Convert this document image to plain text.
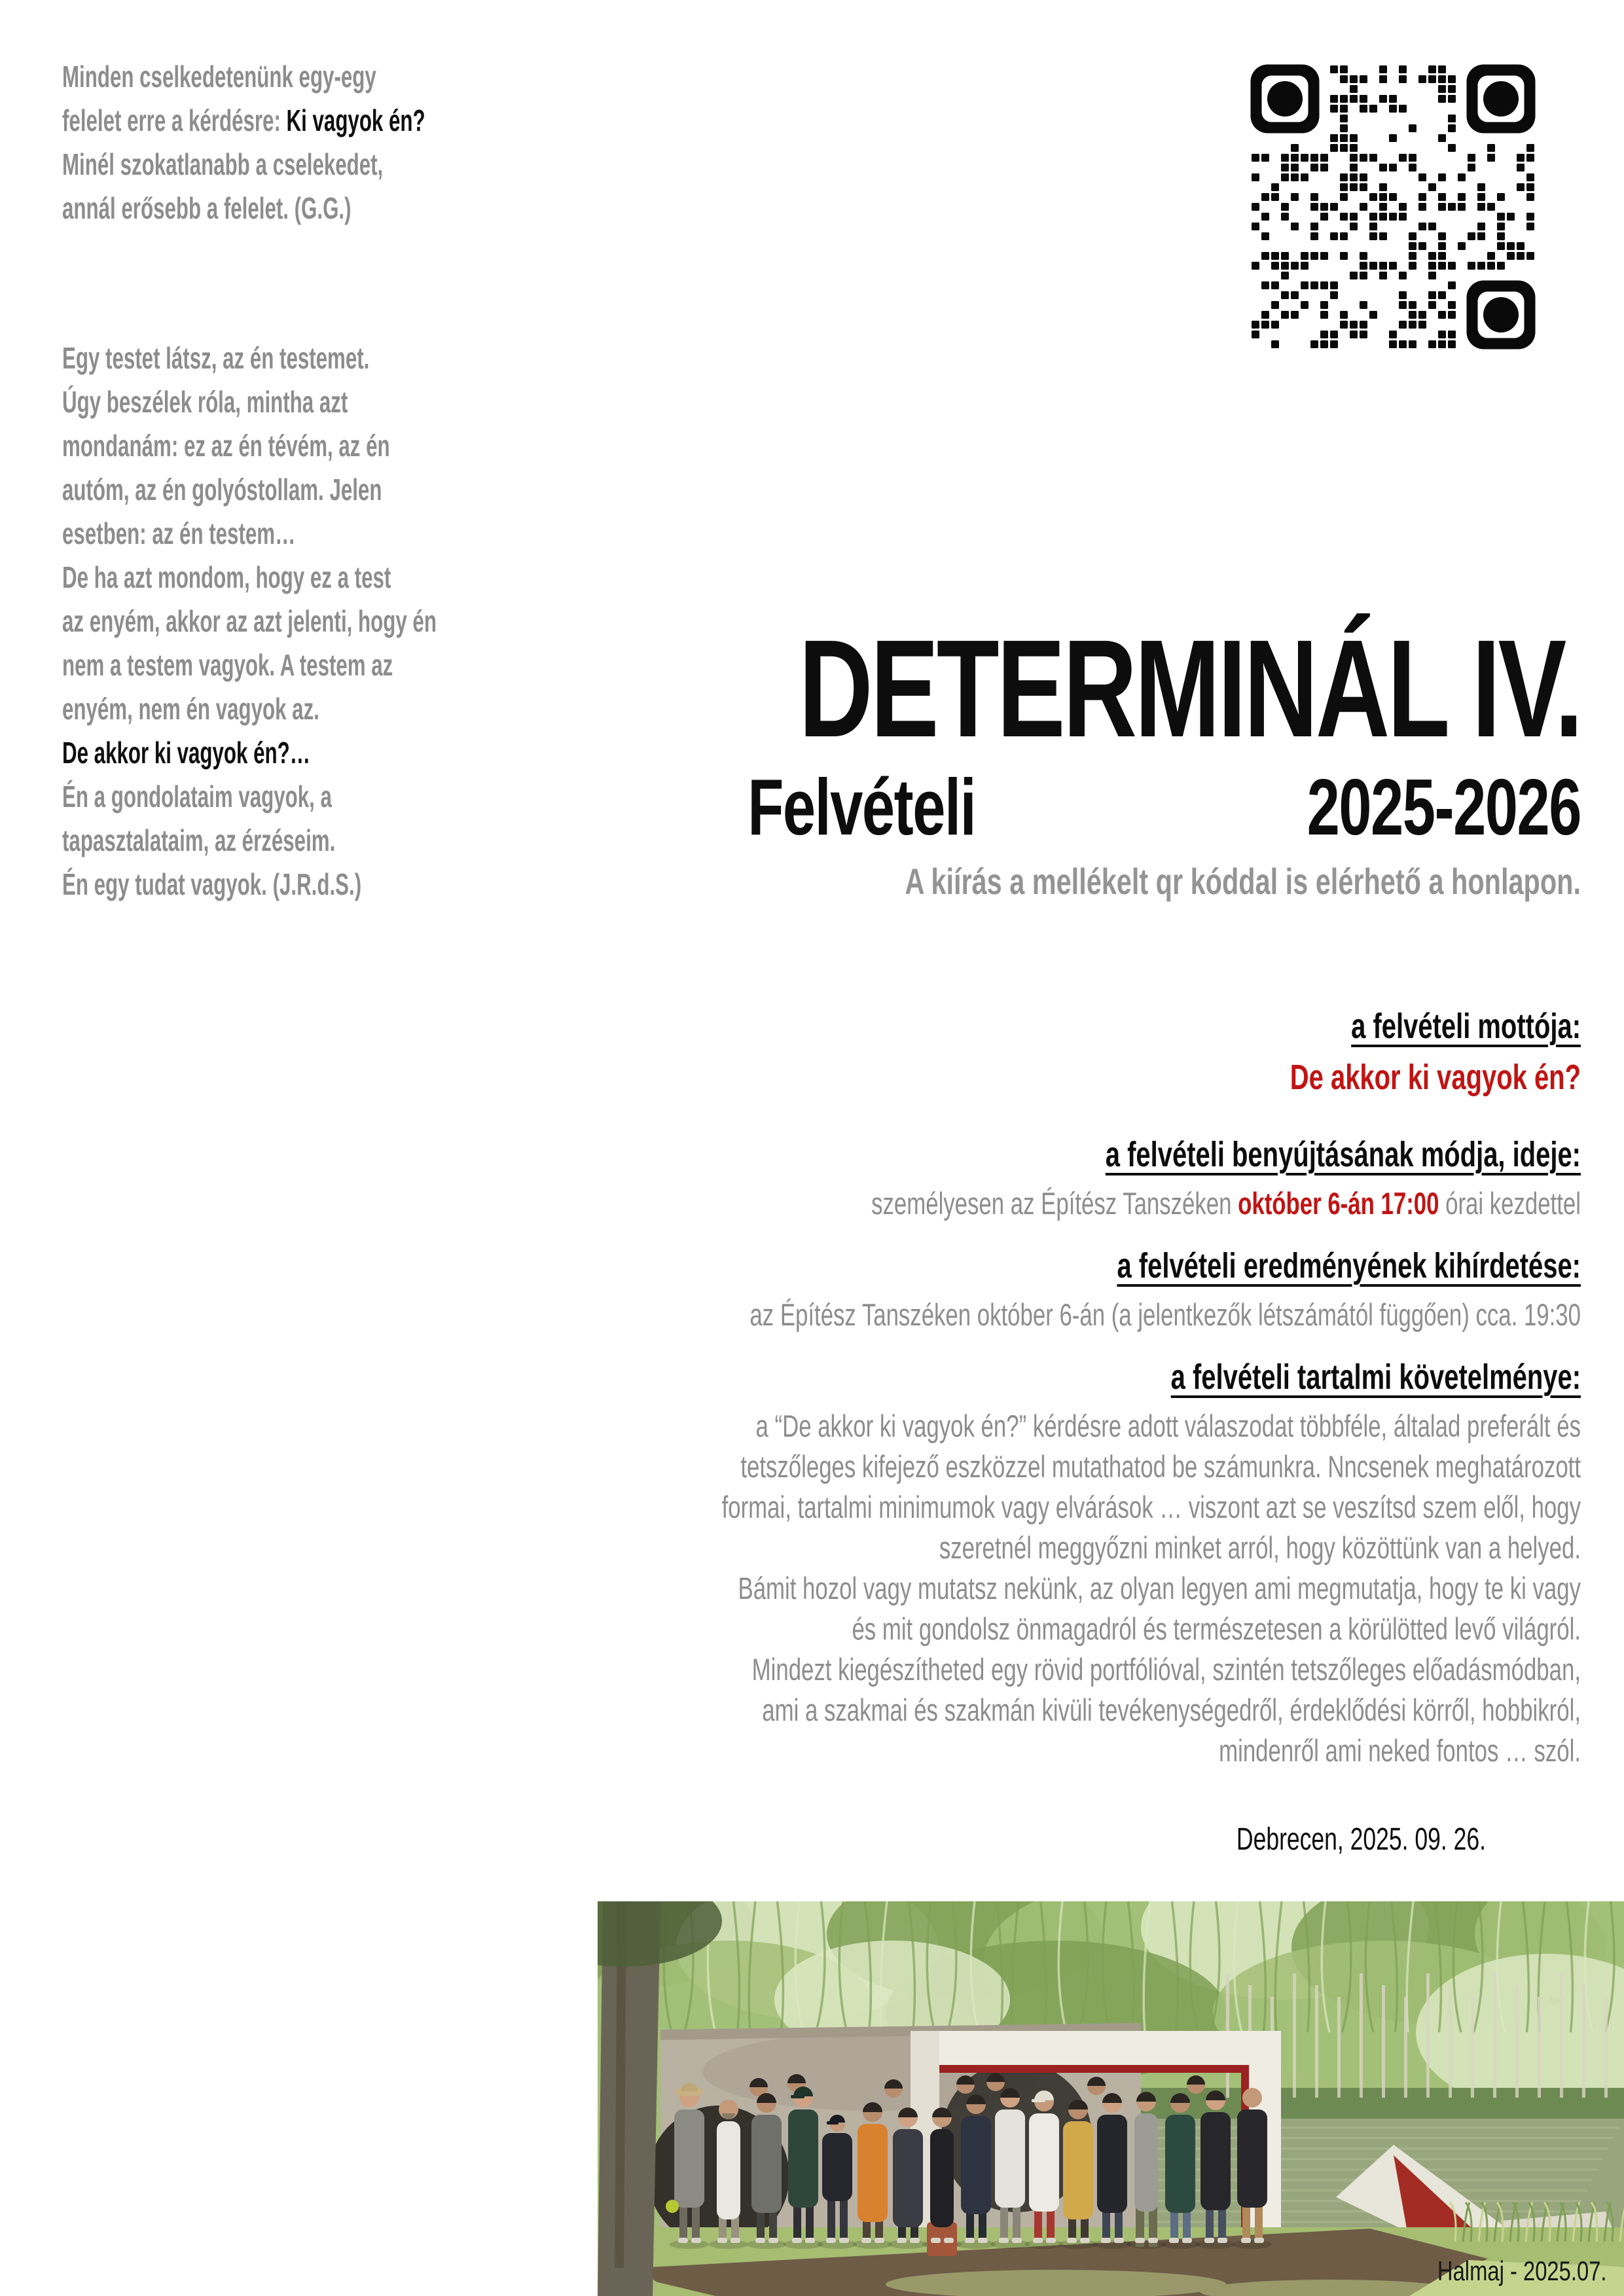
Minden cselkedetenünk egy-egy
felelet erre a kérdésre: Ki vagyok én?
Minél szokatlanabb a cselekedet,
annál erősebb a felelet. (G.G.)
Egy testet látsz, az én testemet.
Úgy beszélek róla, mintha azt
mondanám: ez az én tévém, az én
autóm, az én golyóstollam. Jelen
esetben: az én testem…
De ha azt mondom, hogy ez a test
az enyém, akkor az azt jelenti, hogy én
nem a testem vagyok. A testem az
enyém, nem én vagyok az.
De akkor ki vagyok én?…
Én a gondolataim vagyok, a
tapasztalataim, az érzéseim.
Én egy tudat vagyok. (J.R.d.S.)
DETERMINÁL IV.
Felvételi	2025-2026
A kiírás a mellékelt qr kóddal is elérhető a honlapon.
a felvételi mottója:
De akkor ki vagyok én?
a felvételi benyújtásának módja, ideje:
személyesen az Építész Tanszéken október 6-án 17:00 órai kezdettel
a felvételi eredményének kihírdetése:
az Építész Tanszéken október 6-án (a jelentkezők létszámától függően) cca. 19:30
a felvételi tartalmi követelménye:
a “De akkor ki vagyok én?” kérdésre adott válaszodat többféle, általad preferált és
tetszőleges kifejező eszközzel mutathatod be számunkra. Nncsenek meghatározott
formai, tartalmi minimumok vagy elvárások … viszont azt se veszítsd szem elől, hogy
szeretnél meggyőzni minket arról, hogy közöttünk van a helyed.
Bámit hozol vagy mutatsz nekünk, az olyan legyen ami megmutatja, hogy te ki vagy
és mit gondolsz önmagadról és természetesen a körülötted levő világról.
Mindezt kiegészítheted egy rövid portfólióval, szintén tetszőleges előadásmódban,
ami a szakmai és szakmán kivüli tevékenységedről, érdeklődési körről, hobbikról,
mindenről ami neked fontos … szól.
Debrecen, 2025. 09. 26.
Halmaj - 2025.07.
